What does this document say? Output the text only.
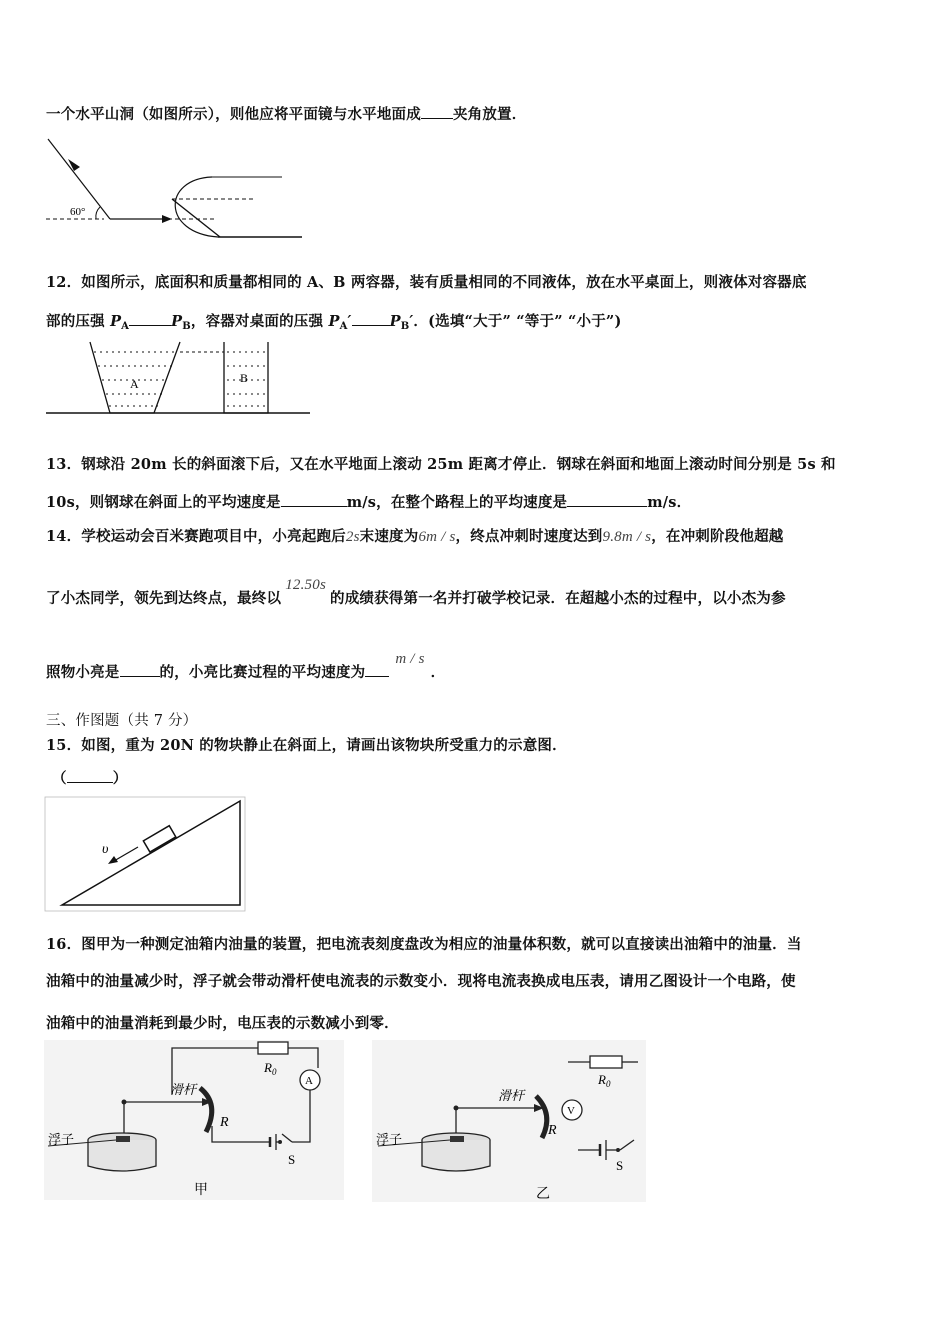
一个水平山洞（如图所示），则他应将平面镜与水平地面成 夹角放置．
60°
12．如图所示，底面积和质量都相同的 A、B 两容器，装有质量相同的不同液体，放在水平桌面上，则液体对容器底
部的压强 $P_A$	$P_B$，容器对桌面的压强 $P_A'$	$P_B'$．(选填“大于” “等于” “小于”)
A	B
13．钢球沿 20m 长的斜面滚下后，又在水平地面上滚动 25m 距离才停止．钢球在斜面和地面上滚动时间分别是 5s 和
10s，则钢球在斜面上的平均速度是	m/s，在整个路程上的平均速度是	m/s．
14．学校运动会百米赛跑项目中，小亮起跑后2s末速度为6m / s，终点冲刺时速度达到9.8m / s，在冲刺阶段他超越
了小杰同学，领先到达终点，最终以12.50s的成绩获得第一名并打破学校记录．在超越小杰的过程中，以小杰为参
照物小亮是	的，小亮比赛过程的平均速度为m / s．
三、作图题（共 7 分）
15．如图，重为 20N 的物块静止在斜面上，请画出该物块所受重力的示意图．
（	）
υ
16．图甲为一种测定油箱内油量的装置，把电流表刻度盘改为相应的油量体积数，就可以直接读出油箱中的油量．当
油箱中的油量减少时，浮子就会带动滑杆使电流表的示数变小．现将电流表换成电压表，请用乙图设计一个电路，使
油箱中的油量消耗到最少时，电压表的示数减小到零．
A
浮子
滑杆
R
$R_0$
S
甲
V
浮子
滑杆
R
$R_0$
S
乙
